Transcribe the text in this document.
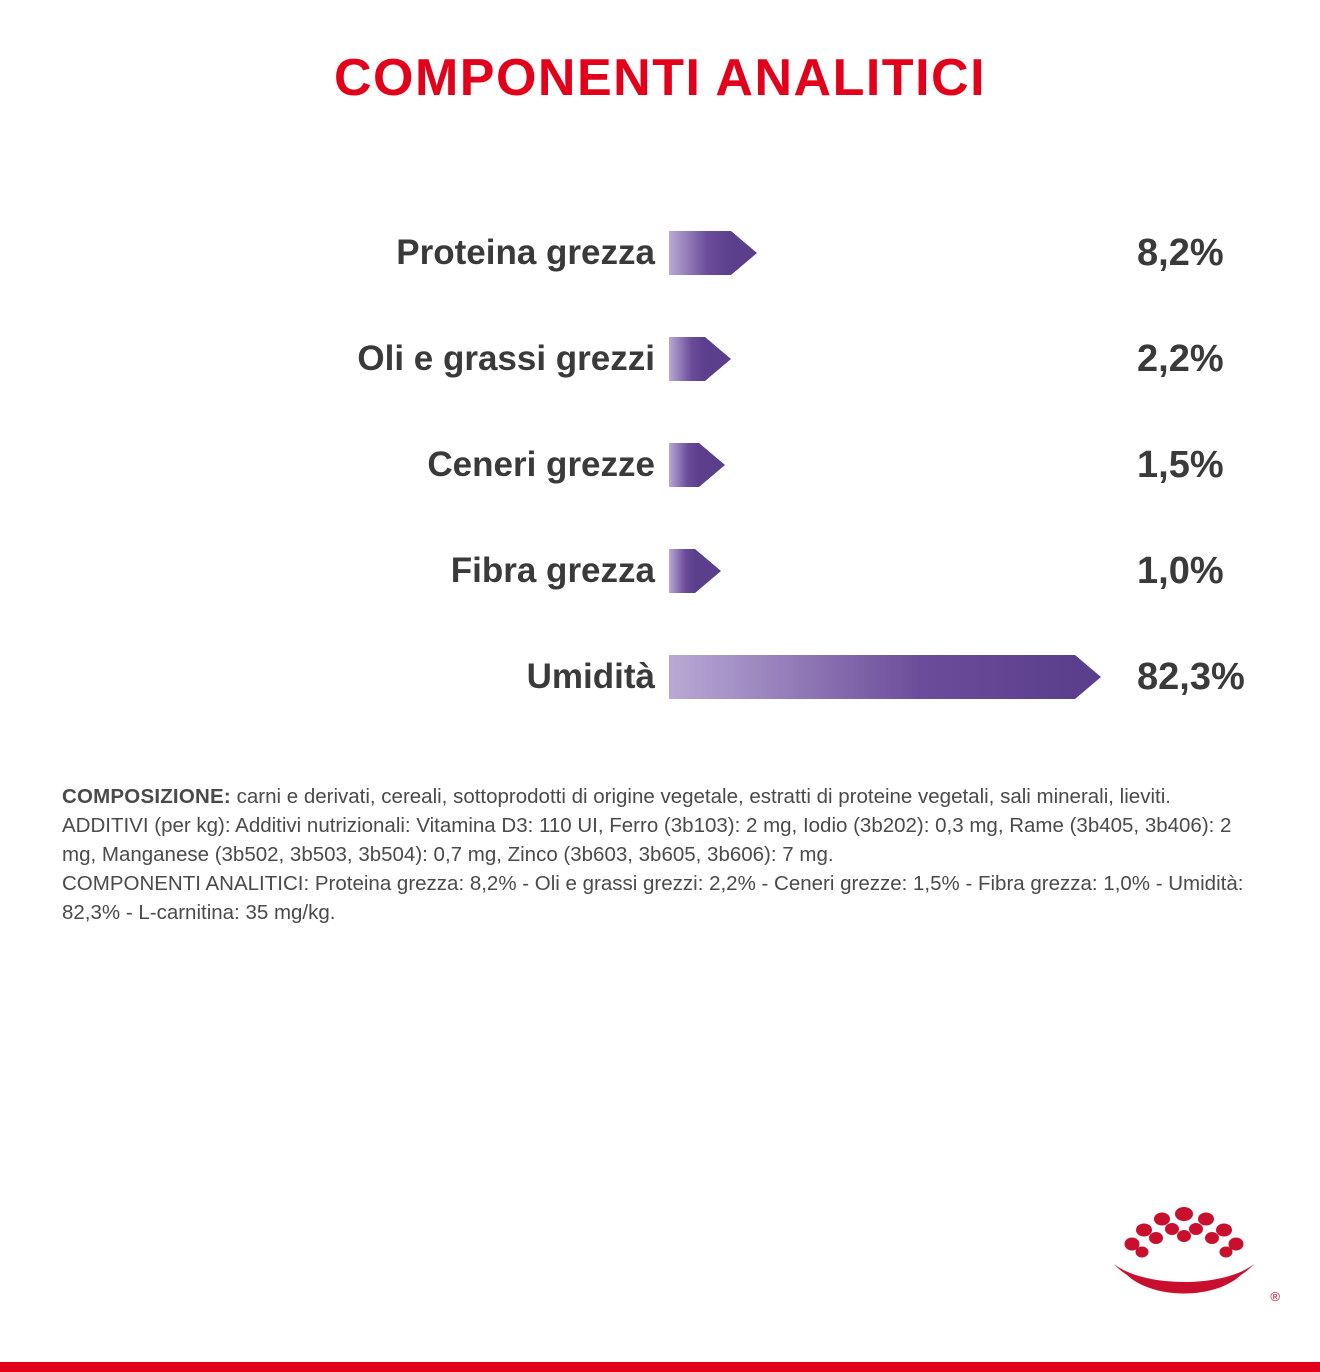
COMPONENTI ANALITICI
Proteina grezza	8,2%
Oli e grassi grezzi	2,2%
Ceneri grezze	1,5%
Fibra grezza	1,0%
Umidità	82,3%

COMPOSIZIONE: carni e derivati, cereali, sottoprodotti di origine vegetale, estratti di proteine vegetali, sali minerali, lieviti.

ADDITIVI (per kg): Additivi nutrizionali: Vitamina D3: 110 UI, Ferro (3b103): 2 mg, Iodio (3b202): 0,3 mg, Rame (3b405, 3b406): 2 mg, Manganese (3b502, 3b503, 3b504): 0,7 mg, Zinco (3b603, 3b605, 3b606): 7 mg.

COMPONENTI ANALITICI: Proteina grezza: 8,2% - Oli e grassi grezzi: 2,2% - Ceneri grezze: 1,5% - Fibra grezza: 1,0% - Umidità: 82,3% - L-carnitina: 35 mg/kg.

®
